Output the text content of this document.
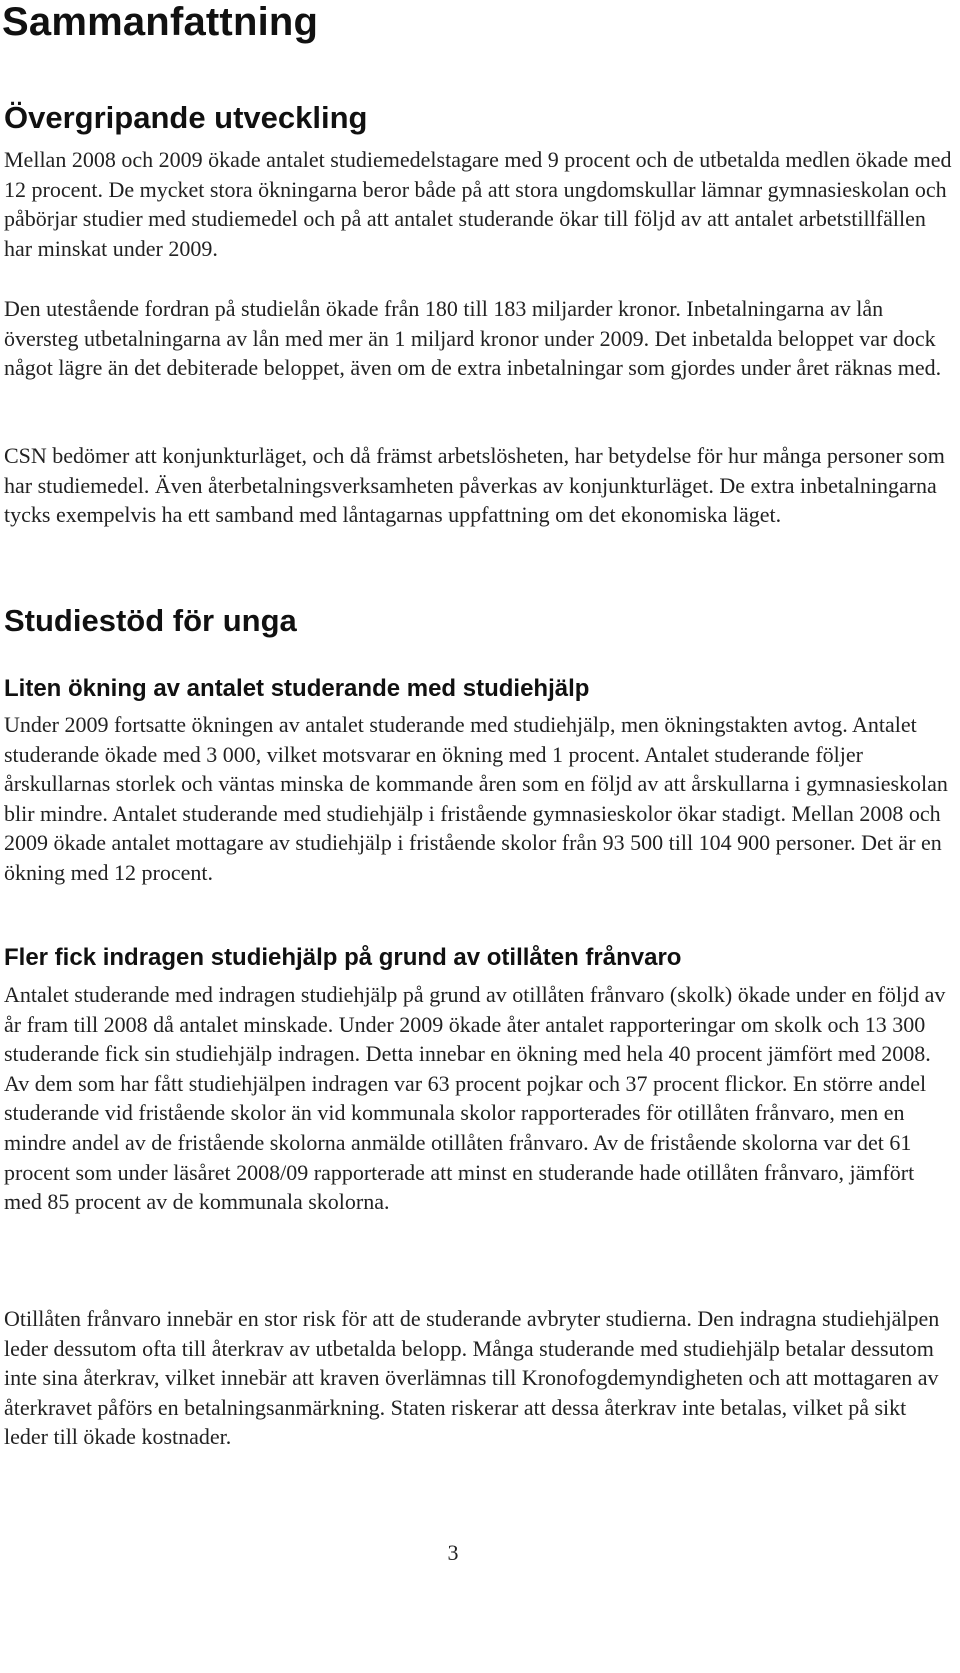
Sammanfattning
Övergripande utveckling

Mellan 2008 och 2009 ökade antalet studiemedelstagare med 9 procent och de utbetalda medlen ökade med 12 procent. De mycket stora ökningarna beror både på att stora ungdomskullar lämnar gymnasieskolan och påbörjar studier med studiemedel och på att antalet studerande ökar till följd av att antalet arbetstillfällen har minskat under 2009.

Den utestående fordran på studielån ökade från 180 till 183 miljarder kronor. Inbetalningarna av lån översteg utbetalningarna av lån med mer än 1 miljard kronor under 2009. Det inbetalda beloppet var dock något lägre än det debiterade beloppet, även om de extra inbetalningar som gjordes under året räknas med.

CSN bedömer att konjunkturläget, och då främst arbetslösheten, har betydelse för hur många personer som har studiemedel. Även återbetalningsverksamheten påverkas av konjunkturläget. De extra inbetalningarna tycks exempelvis ha ett samband med låntagarnas uppfattning om det ekonomiska läget.

Studiestöd för unga
Liten ökning av antalet studerande med studiehjälp

Under 2009 fortsatte ökningen av antalet studerande med studiehjälp, men ökningstakten avtog. Antalet studerande ökade med 3 000, vilket motsvarar en ökning med 1 procent. Antalet studerande följer årskullarnas storlek och väntas minska de kommande åren som en följd av att årskullarna i gymnasieskolan blir mindre. Antalet studerande med studiehjälp i fristående gymnasieskolor ökar stadigt. Mellan 2008 och 2009 ökade antalet mottagare av studiehjälp i fristående skolor från 93 500 till 104 900 personer. Det är en ökning med 12 procent.

Fler fick indragen studiehjälp på grund av otillåten frånvaro

Antalet studerande med indragen studiehjälp på grund av otillåten frånvaro (skolk) ökade under en följd av år fram till 2008 då antalet minskade. Under 2009 ökade åter antalet rapporteringar om skolk och 13 300 studerande fick sin studiehjälp indragen. Detta innebar en ökning med hela 40 procent jämfört med 2008. Av dem som har fått studiehjälpen indragen var 63 procent pojkar och 37 procent flickor. En större andel studerande vid fristående skolor än vid kommunala skolor rapporterades för otillåten frånvaro, men en mindre andel av de fristående skolorna anmälde otillåten frånvaro. Av de fristående skolorna var det 61 procent som under läsåret 2008/09 rapporterade att minst en studerande hade otillåten frånvaro, jämfört med 85 procent av de kommunala skolorna.

Otillåten frånvaro innebär en stor risk för att de studerande avbryter studierna. Den indragna studiehjälpen leder dessutom ofta till återkrav av utbetalda belopp. Många studerande med studiehjälp betalar dessutom inte sina återkrav, vilket innebär att kraven överlämnas till Kronofogdemyndigheten och att mottagaren av återkravet påförs en betalningsanmärkning. Staten riskerar att dessa återkrav inte betalas, vilket på sikt leder till ökade kostnader.

3
